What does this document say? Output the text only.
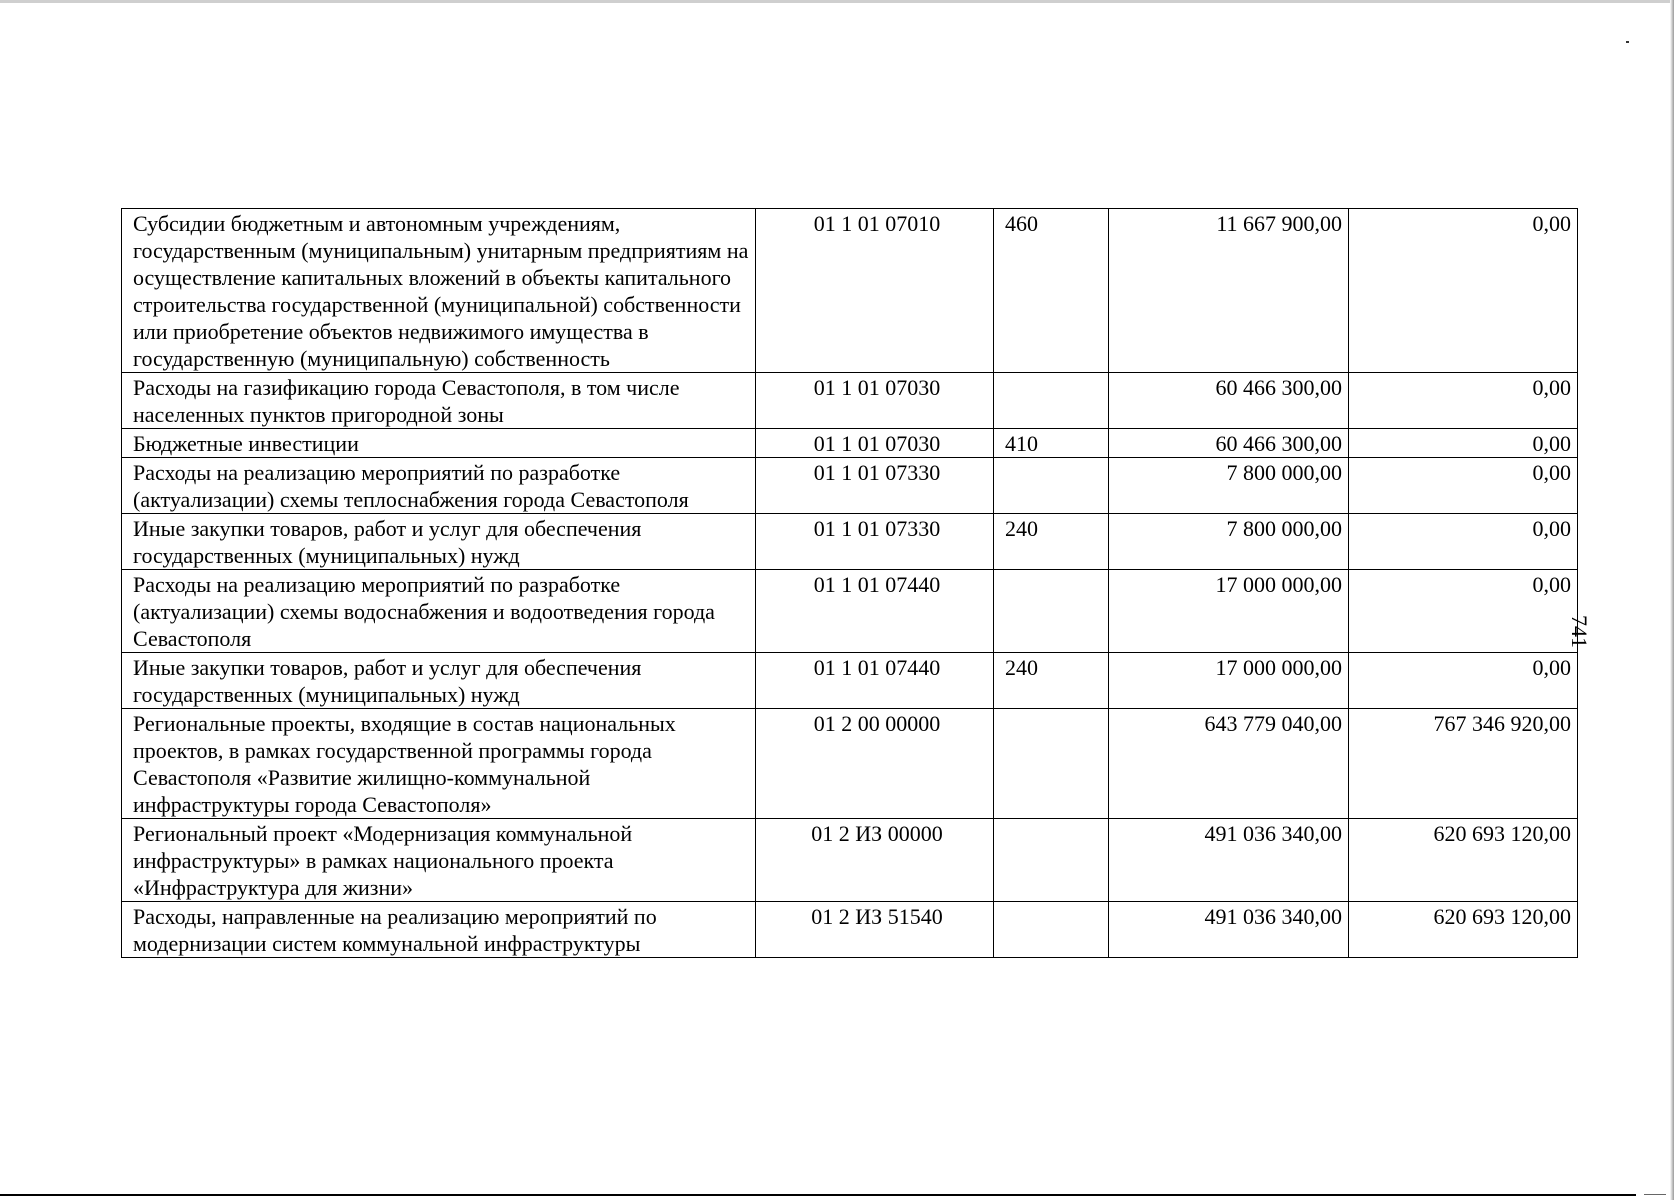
Субсидии бюджетным и автономным учреждениям, государственным (муниципальным) унитарным предприятиям на осуществление капитальных вложений в объекты капитального строительства государственной (муниципальной) собственности или приобретение объектов недвижимого имущества в государственную (муниципальную) собственность	01 1 01 07010	460	11 667 900,00	0,00
Расходы на газификацию города Севастополя, в том числе населенных пунктов пригородной зоны	01 1 01 07030		60 466 300,00	0,00
Бюджетные инвестиции	01 1 01 07030	410	60 466 300,00	0,00
Расходы на реализацию мероприятий по разработке (актуализации) схемы теплоснабжения города Севастополя	01 1 01 07330		7 800 000,00	0,00
Иные закупки товаров, работ и услуг для обеспечения государственных (муниципальных) нужд	01 1 01 07330	240	7 800 000,00	0,00
Расходы на реализацию мероприятий по разработке (актуализации) схемы водоснабжения и водоотведения города Севастополя	01 1 01 07440		17 000 000,00	0,00
Иные закупки товаров, работ и услуг для обеспечения государственных (муниципальных) нужд	01 1 01 07440	240	17 000 000,00	0,00
Региональные проекты, входящие в состав национальных проектов, в рамках государственной программы города Севастополя «Развитие жилищно-коммунальной инфраструктуры города Севастополя»	01 2 00 00000		643 779 040,00	767 346 920,00
Региональный проект «Модернизация коммунальной инфраструктуры» в рамках национального проекта «Инфраструктура для жизни»	01 2 ИЗ 00000		491 036 340,00	620 693 120,00
Расходы, направленные на реализацию мероприятий по модернизации систем коммунальной инфраструктуры	01 2 ИЗ 51540		491 036 340,00	620 693 120,00
741
